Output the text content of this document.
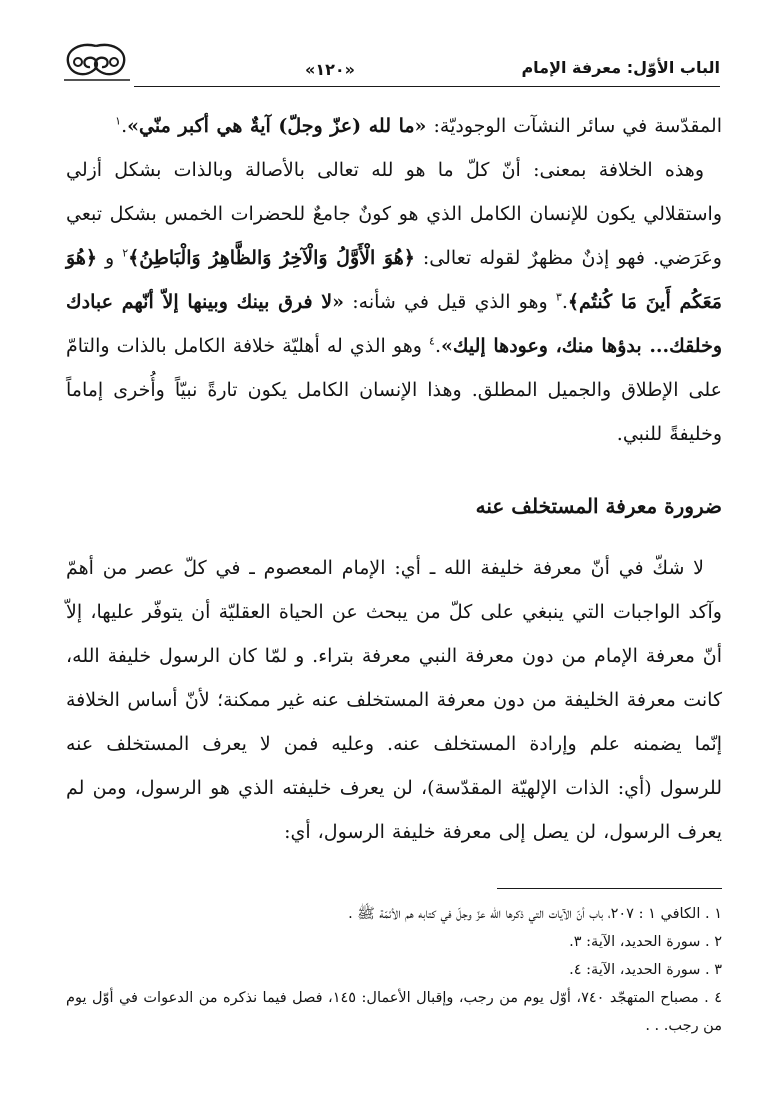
الباب الأوّل: معرفة الإمام
«١٢٠»

المقدّسة في سائر النشآت الوجوديّة: «ما لله (عزّ وجلّ) آيةٌ هي أكبر منّي».$^١$

وهذه الخلافة بمعنى: أنّ كلّ ما هو لله تعالى بالأصالة وبالذات بشكل أزلي واستقلالي يكون للإنسان الكامل الذي هو كونٌ جامعٌ للحضرات الخمس بشكل تبعي وعَرَضي. فهو إذنٌ مظهرٌ لقوله تعالى: ﴿هُوَ الْأَوَّلُ وَالْآخِرُ وَالظَّاهِرُ وَالْبَاطِنُ﴾$^٢$ و ﴿هُوَ مَعَكُم أَينَ مَا كُنتُم﴾.$^٣$ وهو الذي قيل في شأنه: «لا فرق بينك وبينها إلاّ أنّهم عبادك وخلقك... بدؤها منك، وعودها إليك».$^٤$ وهو الذي له أهليّة خلافة الكامل بالذات والتامّ على الإطلاق والجميل المطلق. وهذا الإنسان الكامل يكون تارةً نبيّاً وأُخرى إماماً وخليفةً للنبي.

ضرورة معرفة المستخلف عنه

لا شكّ في أنّ معرفة خليفة الله ـ أي: الإمام المعصوم ـ في كلّ عصر من أهمّ وآكد الواجبات التي ينبغي على كلّ من يبحث عن الحياة العقليّة أن يتوفّر عليها، إلاّ أنّ معرفة الإمام من دون معرفة النبي معرفة بتراء. و لمّا كان الرسول خليفة الله، كانت معرفة الخليفة من دون معرفة المستخلف عنه غير ممكنة؛ لأنّ أساس الخلافة إنّما يضمنه علم وإرادة المستخلف عنه. وعليه فمن لا يعرف المستخلف عنه للرسول (أي: الذات الإلهيّة المقدّسة)، لن يعرف خليفته الذي هو الرسول، ومن لم يعرف الرسول، لن يصل إلى معرفة خليفة الرسول، أي:

١ . الكافي ١ : ٢٠٧، باب أنّ الآيات التي ذكرها الله عزّ وجلّ في كتابه هم الأئمّة ﷺ .
٢ . سورة الحديد، الآية: ٣.
٣ . سورة الحديد، الآية: ٤.
٤ . مصباح المتهجّد ٧٤٠، أوّل يوم من رجب، وإقبال الأعمال: ١٤٥، فصل فيما نذكره من الدعوات في أوّل يوم من رجب. . .
